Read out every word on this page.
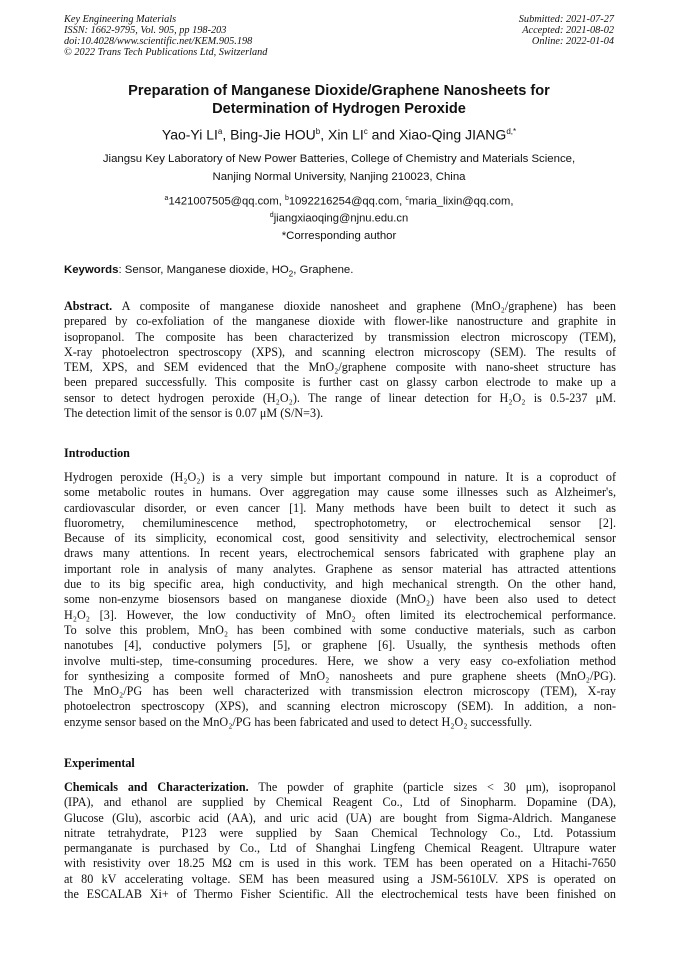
Key Engineering Materials
ISSN: 1662-9795, Vol. 905, pp 198-203
doi:10.4028/www.scientific.net/KEM.905.198
© 2022 Trans Tech Publications Ltd, Switzerland
Submitted: 2021-07-27
Accepted: 2021-08-02
Online: 2022-01-04
Preparation of Manganese Dioxide/Graphene Nanosheets for
Determination of Hydrogen Peroxide
Yao-Yi $LI^a$, Bing-Jie HOU$^b$, Xin $LI^c$ and Xiao-Qing $JIANG^{d,*}$
Jiangsu Key Laboratory of New Power Batteries, College of Chemistry and Materials Science,
Nanjing Normal University, Nanjing 210023, China
$^a$1421007505@qq.com, $^b$1092216254@qq.com, $^c$maria_lixin@qq.com,
$^d$jiangxiaoqing@njnu.edu.cn
*Corresponding author
Keywords: Sensor, Manganese dioxide, $HO_2$, Graphene.
Abstract. A composite of manganese dioxide nanosheet and graphene (MnO₂/graphene) has been
prepared by co-exfoliation of the manganese dioxide with flower-like nanostructure and graphite in
isopropanol. The composite has been characterized by transmission electron microscopy (TEM),
X-ray photoelectron spectroscopy (XPS), and scanning electron microscopy (SEM). The results of
TEM, XPS, and SEM evidenced that the MnO₂/graphene composite with nano-sheet structure has
been prepared successfully. This composite is further cast on glassy carbon electrode to make up a
sensor to detect hydrogen peroxide (H₂O₂). The range of linear detection for H₂O₂ is 0.5-237 μM.
The detection limit of the sensor is 0.07 μM (S/N=3).
Introduction
Hydrogen peroxide (H₂O₂) is a very simple but important compound in nature. It is a coproduct of
some metabolic routes in humans. Over aggregation may cause some illnesses such as Alzheimer's,
cardiovascular disorder, or even cancer [1]. Many methods have been built to detect it such as
fluorometry, chemiluminescence method, spectrophotometry, or electrochemical sensor [2].
Because of its simplicity, economical cost, good sensitivity and selectivity, electrochemical sensor
draws many attentions. In recent years, electrochemical sensors fabricated with graphene play an
important role in analysis of many analytes. Graphene as sensor material has attracted attentions
due to its big specific area, high conductivity, and high mechanical strength. On the other hand,
some non-enzyme biosensors based on manganese dioxide (MnO₂) have been also used to detect
H₂O₂ [3]. However, the low conductivity of MnO₂ often limited its electrochemical performance.
To solve this problem, MnO₂ has been combined with some conductive materials, such as carbon
nanotubes [4], conductive polymers [5], or graphene [6]. Usually, the synthesis methods often
involve multi-step, time-consuming procedures. Here, we show a very easy co-exfoliation method
for synthesizing a composite formed of MnO₂ nanosheets and pure graphene sheets (MnO₂/PG).
The MnO₂/PG has been well characterized with transmission electron microscopy (TEM), X-ray
photoelectron spectroscopy (XPS), and scanning electron microscopy (SEM). In addition, a non-
enzyme sensor based on the MnO₂/PG has been fabricated and used to detect H₂O₂ successfully.
Experimental
Chemicals and Characterization. The powder of graphite (particle sizes < 30 μm), isopropanol
(IPA), and ethanol are supplied by Chemical Reagent Co., Ltd of Sinopharm. Dopamine (DA),
Glucose (Glu), ascorbic acid (AA), and uric acid (UA) are bought from Sigma-Aldrich. Manganese
nitrate tetrahydrate, P123 were supplied by Saan Chemical Technology Co., Ltd. Potassium
permanganate is purchased by Co., Ltd of Shanghai Lingfeng Chemical Reagent. Ultrapure water
with resistivity over 18.25 MΩ cm is used in this work. TEM has been operated on a Hitachi-7650
at 80 kV accelerating voltage. SEM has been measured using a JSM-5610LV. XPS is operated on
the ESCALAB Xi+ of Thermo Fisher Scientific. All the electrochemical tests have been finished on
